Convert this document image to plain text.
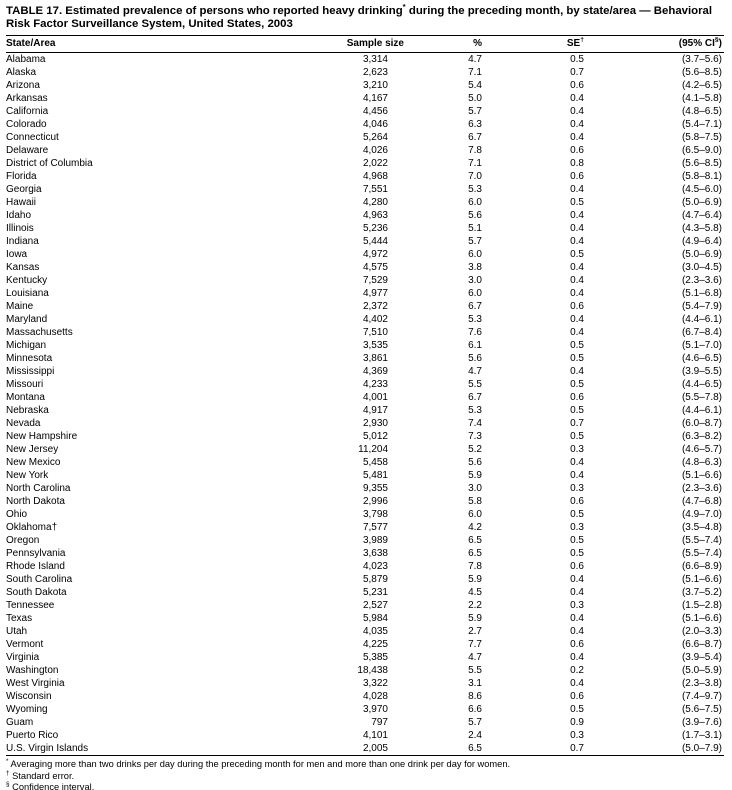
TABLE 17. Estimated prevalence of persons who reported heavy drinking* during the preceding month, by state/area — Behavioral Risk Factor Surveillance System, United States, 2003
State/Area	Sample size	%	SE†	(95% CI§)
Alabama	3,314	4.7	0.5	(3.7–5.6)
Alaska	2,623	7.1	0.7	(5.6–8.5)
Arizona	3,210	5.4	0.6	(4.2–6.5)
Arkansas	4,167	5.0	0.4	(4.1–5.8)
California	4,456	5.7	0.4	(4.8–6.5)
Colorado	4,046	6.3	0.4	(5.4–7.1)
Connecticut	5,264	6.7	0.4	(5.8–7.5)
Delaware	4,026	7.8	0.6	(6.5–9.0)
District of Columbia	2,022	7.1	0.8	(5.6–8.5)
Florida	4,968	7.0	0.6	(5.8–8.1)
Georgia	7,551	5.3	0.4	(4.5–6.0)
Hawaii	4,280	6.0	0.5	(5.0–6.9)
Idaho	4,963	5.6	0.4	(4.7–6.4)
Illinois	5,236	5.1	0.4	(4.3–5.8)
Indiana	5,444	5.7	0.4	(4.9–6.4)
Iowa	4,972	6.0	0.5	(5.0–6.9)
Kansas	4,575	3.8	0.4	(3.0–4.5)
Kentucky	7,529	3.0	0.4	(2.3–3.6)
Louisiana	4,977	6.0	0.4	(5.1–6.8)
Maine	2,372	6.7	0.6	(5.4–7.9)
Maryland	4,402	5.3	0.4	(4.4–6.1)
Massachusetts	7,510	7.6	0.4	(6.7–8.4)
Michigan	3,535	6.1	0.5	(5.1–7.0)
Minnesota	3,861	5.6	0.5	(4.6–6.5)
Mississippi	4,369	4.7	0.4	(3.9–5.5)
Missouri	4,233	5.5	0.5	(4.4–6.5)
Montana	4,001	6.7	0.6	(5.5–7.8)
Nebraska	4,917	5.3	0.5	(4.4–6.1)
Nevada	2,930	7.4	0.7	(6.0–8.7)
New Hampshire	5,012	7.3	0.5	(6.3–8.2)
New Jersey	11,204	5.2	0.3	(4.6–5.7)
New Mexico	5,458	5.6	0.4	(4.8–6.3)
New York	5,481	5.9	0.4	(5.1–6.6)
North Carolina	9,355	3.0	0.3	(2.3–3.6)
North Dakota	2,996	5.8	0.6	(4.7–6.8)
Ohio	3,798	6.0	0.5	(4.9–7.0)
Oklahoma†	7,577	4.2	0.3	(3.5–4.8)
Oregon	3,989	6.5	0.5	(5.5–7.4)
Pennsylvania	3,638	6.5	0.5	(5.5–7.4)
Rhode Island	4,023	7.8	0.6	(6.6–8.9)
South Carolina	5,879	5.9	0.4	(5.1–6.6)
South Dakota	5,231	4.5	0.4	(3.7–5.2)
Tennessee	2,527	2.2	0.3	(1.5–2.8)
Texas	5,984	5.9	0.4	(5.1–6.6)
Utah	4,035	2.7	0.4	(2.0–3.3)
Vermont	4,225	7.7	0.6	(6.6–8.7)
Virginia	5,385	4.7	0.4	(3.9–5.4)
Washington	18,438	5.5	0.2	(5.0–5.9)
West Virginia	3,322	3.1	0.4	(2.3–3.8)
Wisconsin	4,028	8.6	0.6	(7.4–9.7)
Wyoming	3,970	6.6	0.5	(5.6–7.5)
Guam	797	5.7	0.9	(3.9–7.6)
Puerto Rico	4,101	2.4	0.3	(1.7–3.1)
U.S. Virgin Islands	2,005	6.5	0.7	(5.0–7.9)
* Averaging more than two drinks per day during the preceding month for men and more than one drink per day for women.
† Standard error.
§ Confidence interval.
